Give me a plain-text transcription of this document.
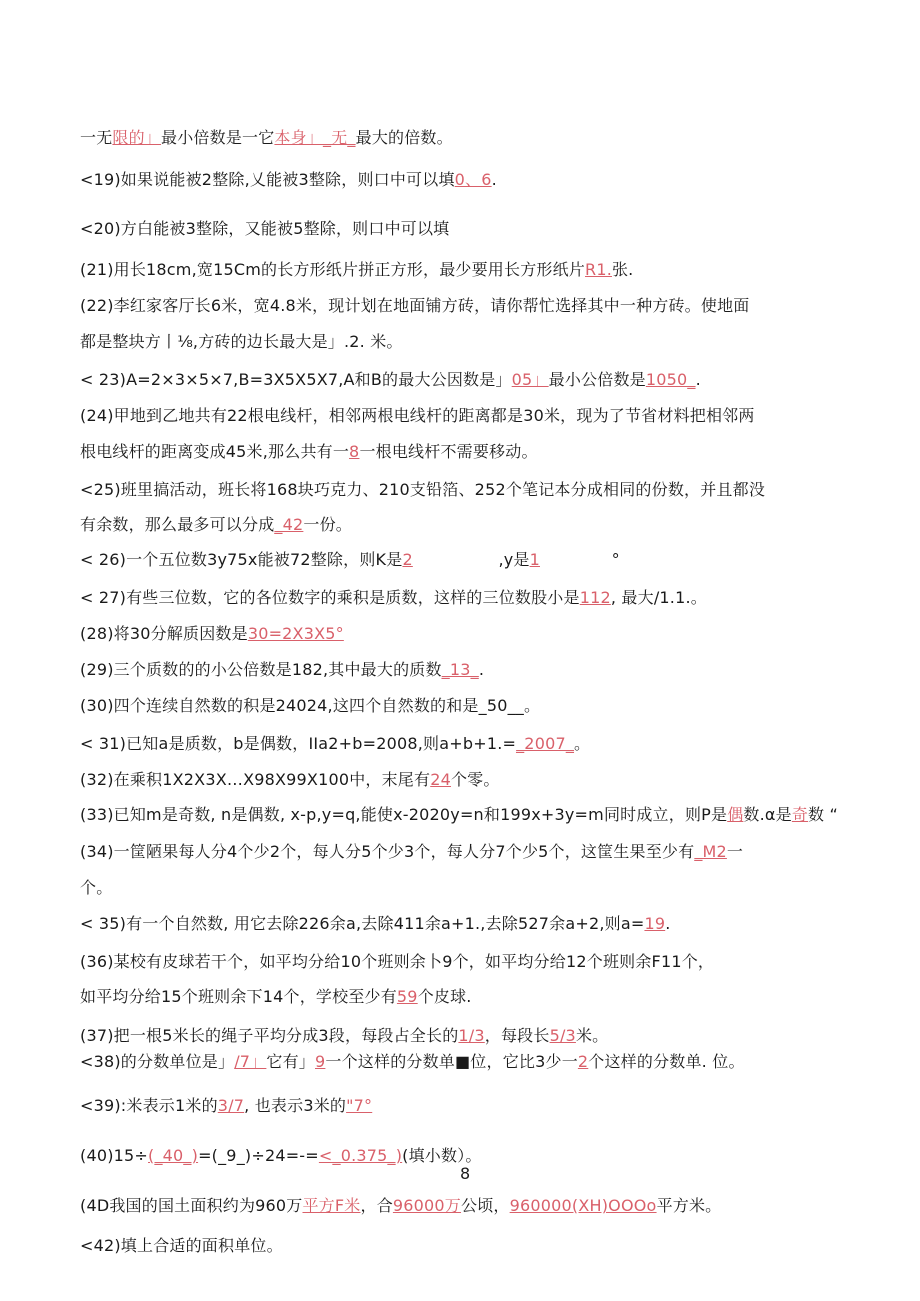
一无限的」最小倍数是一它本身」_无_最大的倍数。
<19)如果说能被2整除,乂能被3整除，则口中可以填0、6.
<20)方白能被3整除，又能被5整除，则口中可以填
(21)用长18cm,宽15Cm的长方形纸片拼正方形，最少要用长方形纸片R1.张.
(22)李红家客厅长6米，宽4.8米，现计划在地面铺方砖，请你帮忙选择其中一种方砖。使地面
都是整块方丨⅛,方砖的边长最大是」.2. 米。
< 23)A=2×3×5×7,B=3X5X5X7,A和B的最大公因数是」05」最小公倍数是1050_.
(24)甲地到乙地共有22根电线杆，相邻两根电线杆的距离都是30米，现为了节省材料把相邻两
根电线杆的距离变成45米,那么共有一8一根电线杆不需要移动。
<25)班里搞活动，班长将168块巧克力、210支铅箔、252个笔记本分成相同的份数，并且都没
有余数，那么最多可以分成_42一份。
< 26)一个五位数3y75x能被72整除，则K是2	,y是1	°
< 27)有些三位数，它的各位数字的乘积是质数，这样的三位数股小是112, 最大/1.1.。
(28)将30分解质因数是30=2X3X5°
(29)三个质数的的小公倍数是182,其中最大的质数_13_.
(30)四个连续自然数的积是24024,这四个自然数的和是_50__。
< 31)已知a是质数，b是偶数，IIa2+b=2008,则a+b+1.=_2007_。
(32)在乘积1X2X3X…X98X99X100中，末尾有24个零。
(33)已知m是奇数, n是偶数, x-p,y=q,能使x-2020y=n和199x+3y=m同时成立，则P是偶数.α是奇数 “
(34)一筐陋果每人分4个少2个，每人分5个少3个，每人分7个少5个，这筐生果至少有_M2一
个。
< 35)有一个自然数, 用它去除226余a,去除411余a+1.,去除527余a+2,则a=19.
(36)某校有皮球若干个，如平均分给10个班则余卜9个，如平均分给12个班则余F11个，
如平均分给15个班则余下14个，学校至少有59个皮球.
(37)把一根5米长的绳子平均分成3段，每段占全长的1/3，每段长5/3米。
<38)的分数单位是」/7」它有」9一个这样的分数单■位，它比3少一2个这样的分数单. 位。
<39):米表示1米的3/7, 也表示3米的"7°
(40)15÷(_40_)=(_9_)÷24=-=<_0.375_)(填小数）。
8
(4D我国的国土面积约为960万平方F米，合96000万公顷，960000(XH)OOOo平方米。
<42)填上合适的面积单位。
